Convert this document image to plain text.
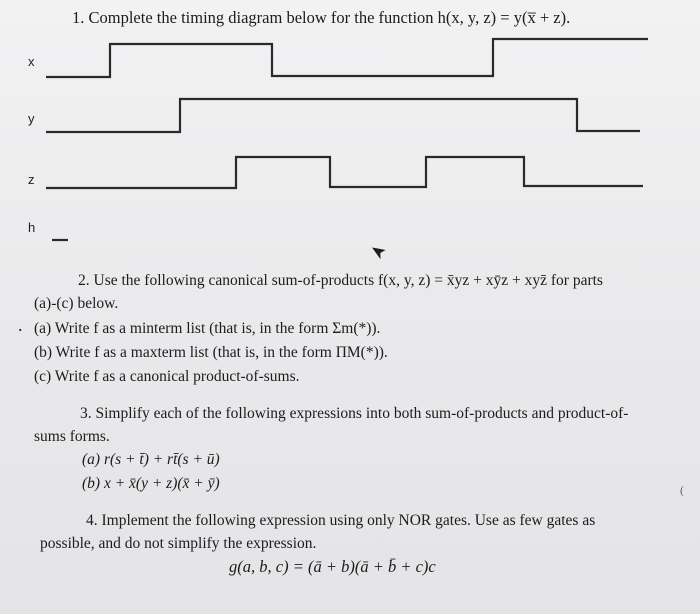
1. Complete the timing diagram below for the function h(x, y, z) = y(x̅ + z).
x
y
z
h
2. Use the following canonical sum-of-products f(x, y, z) = x̄yz + xȳz + xyz̄ for parts
(a)-(c) below.
. (a) Write f as a minterm list (that is, in the form Σm(*)).
(b) Write f as a maxterm list (that is, in the form ΠM(*)).
(c) Write f as a canonical product-of-sums.
3. Simplify each of the following expressions into both sum-of-products and product-of-
sums forms.
(a) r(s + t̄) + rt̄(s + ū)
(b) x + x̄(y + z)(x̄ + ȳ)	(
4. Implement the following expression using only NOR gates. Use as few gates as
possible, and do not simplify the expression.
g(a, b, c) = (ā + b)(ā + b̄ + c)c
